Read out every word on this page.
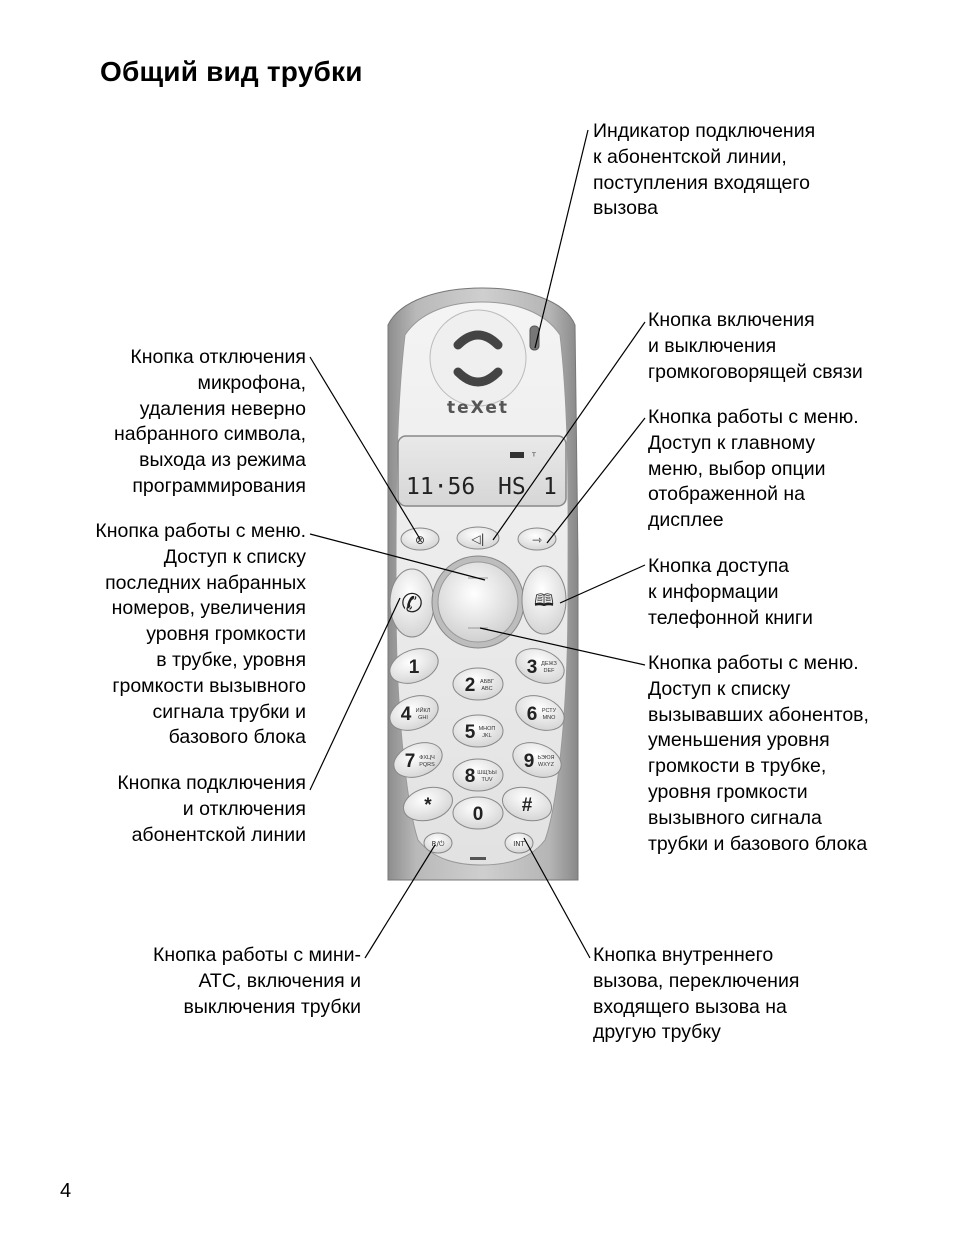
Общий вид трубки
teXet
ᵀ
11·56 HS 1
⊗	◁|	⇾
✆	🕮
1
2 АБВГ
ABC
3 ДЕЖЗ
DEF
4 ИЙКЛ
GHI
5 МНОП
JKL
6 РСТУ
MNO
7 ФХЦЧ
PQRS
8 ШЩЪЫ
TUV
9 ЬЭЮЯ
WXYZ
* 0 #
R/⏻	INT
Индикатор подключения
к абонентской линии,
поступления входящего
вызова
Кнопка отключения
микрофона,
удаления неверно
набранного символа,
выхода из режима
программирования
Кнопка включения
и выключения
громкоговорящей связи
Кнопка работы с меню.
Доступ к главному
меню, выбор опции
отображенной на
дисплее
Кнопка работы с меню.
Доступ к списку
последних набранных
номеров, увеличения
уровня громкости
в трубке, уровня
громкости вызывного
сигнала трубки и
базового блока
Кнопка доступа
к информации
телефонной книги
Кнопка работы с меню.
Доступ к списку
вызывавших абонентов,
уменьшения уровня
громкости в трубке,
уровня громкости
вызывного сигнала
трубки и базового блока
Кнопка подключения
и отключения
абонентской линии
Кнопка работы с мини-
АТС, включения и
выключения трубки
Кнопка внутреннего
вызова, переключения
входящего вызова на
другую трубку
4
